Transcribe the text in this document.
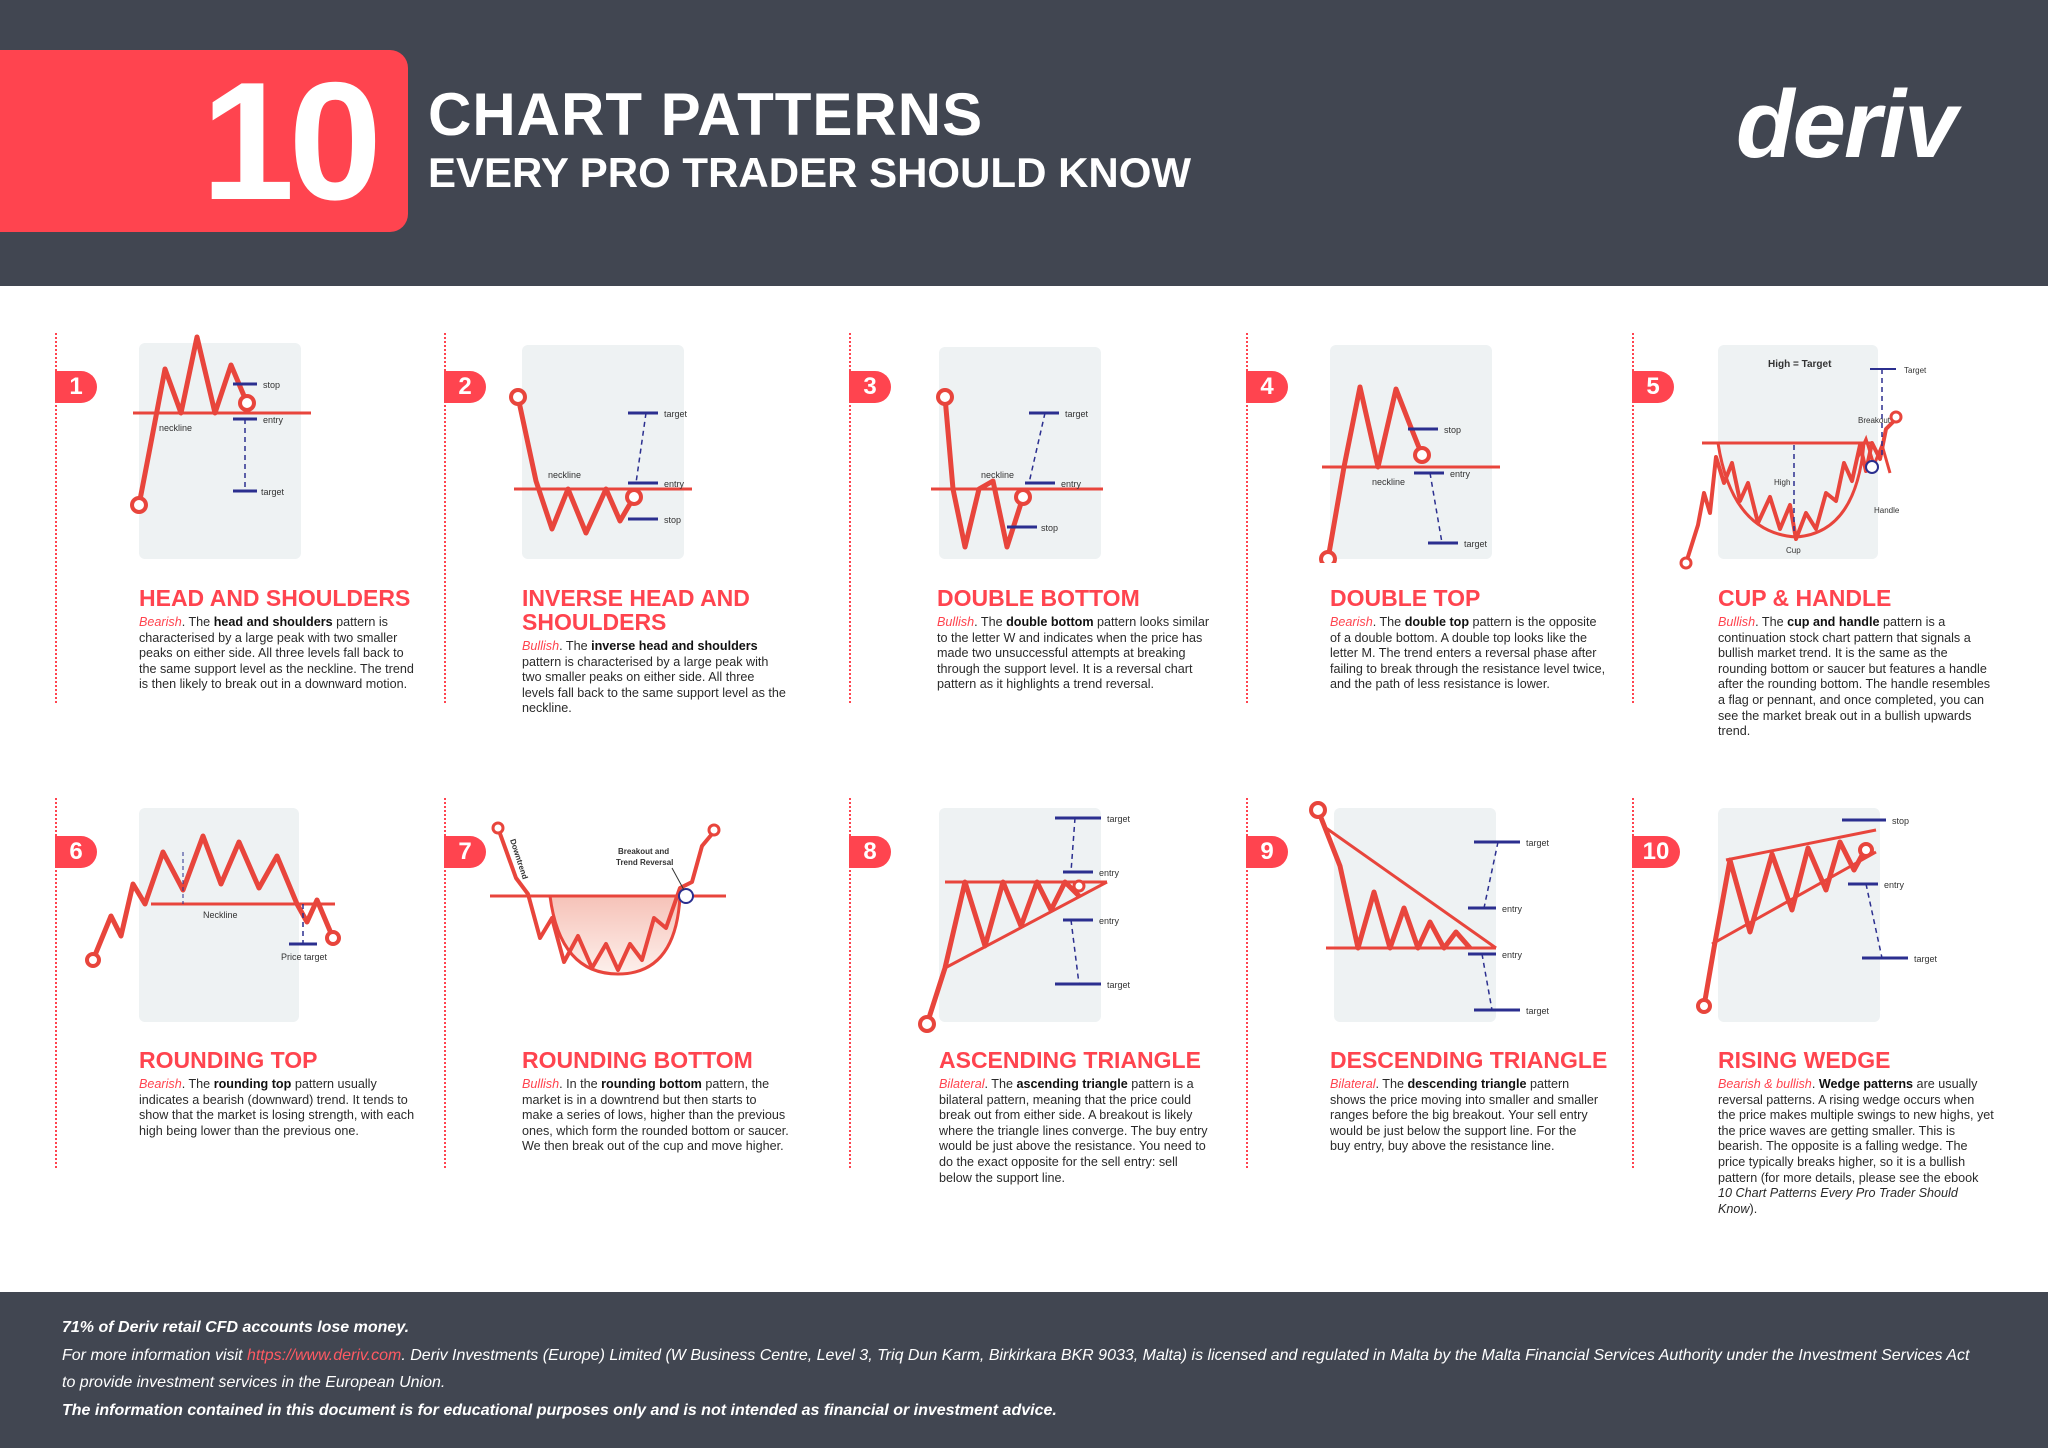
10 CHART PATTERNS
EVERY PRO TRADER SHOULD KNOW	deriv
1	stop
entry
target
neckline
HEAD AND SHOULDERS
Bearish. The head and shoulders pattern is characterised by a large peak with two smaller peaks on either side. All three levels fall back to the same support level as the neckline. The trend is then likely to break out in a downward motion.
2
target
entry
stop
neckline
INVERSE HEAD AND
SHOULDERS
Bullish. The inverse head and shoulders pattern is characterised by a large peak with two smaller peaks on either side. All three levels fall back to the same support level as the neckline.
3
target
entry
stop
neckline
DOUBLE BOTTOM
Bullish. The double bottom pattern looks similar to the letter W and indicates when the price has made two unsuccessful attempts at breaking through the support level. It is a reversal chart pattern as it highlights a trend reversal.
4
stop
entry
target
neckline
DOUBLE TOP
Bearish. The double top pattern is the opposite of a double bottom. A double top looks like the letter M. The trend enters a reversal phase after failing to break through the resistance level twice, and the path of less resistance is lower.
5
High = Target
Target
Breakout
High
Cup
Handle
CUP & HANDLE
Bullish. The cup and handle pattern is a continuation stock chart pattern that signals a bullish market trend. It is the same as the rounding bottom or saucer but features a handle after the rounding bottom. The handle resembles a flag or pennant, and once completed, you can see the market break out in a bullish upwards trend.
6
Neckline
Price target
ROUNDING TOP
Bearish. The rounding top pattern usually indicates a bearish (downward) trend. It tends to show that the market is losing strength, with each high being lower than the previous one.
7	Downtrend	Breakout and
Trend Reversal
ROUNDING BOTTOM
Bullish. In the rounding bottom pattern, the market is in a downtrend but then starts to make a series of lows, higher than the previous ones, which form the rounded bottom or saucer. We then break out of the cup and move higher.
8
target
entry
entry
target
ASCENDING TRIANGLE
Bilateral. The ascending triangle pattern is a bilateral pattern, meaning that the price could break out from either side. A breakout is likely where the triangle lines converge. The buy entry would be just above the resistance. You need to do the exact opposite for the sell entry: sell below the support line.
9	target
entry
entry
target
DESCENDING TRIANGLE
Bilateral. The descending triangle pattern shows the price moving into smaller and smaller ranges before the big breakout. Your sell entry would be just below the support line. For the buy entry, buy above the resistance line.
10
stop
entry
target
RISING WEDGE
Bearish & bullish. Wedge patterns are usually reversal patterns. A rising wedge occurs when the price makes multiple swings to new highs, yet the price waves are getting smaller. This is bearish. The opposite is a falling wedge. The price typically breaks higher, so it is a bullish pattern (for more details, please see the ebook 10 Chart Patterns Every Pro Trader Should Know).
71% of Deriv retail CFD accounts lose money.
For more information visit https://www.deriv.com. Deriv Investments (Europe) Limited (W Business Centre, Level 3, Triq Dun Karm, Birkirkara BKR 9033, Malta) is licensed and regulated in Malta by the Malta Financial Services Authority under the Investment Services Act to provide investment services in the European Union.
The information contained in this document is for educational purposes only and is not intended as financial or investment advice.
